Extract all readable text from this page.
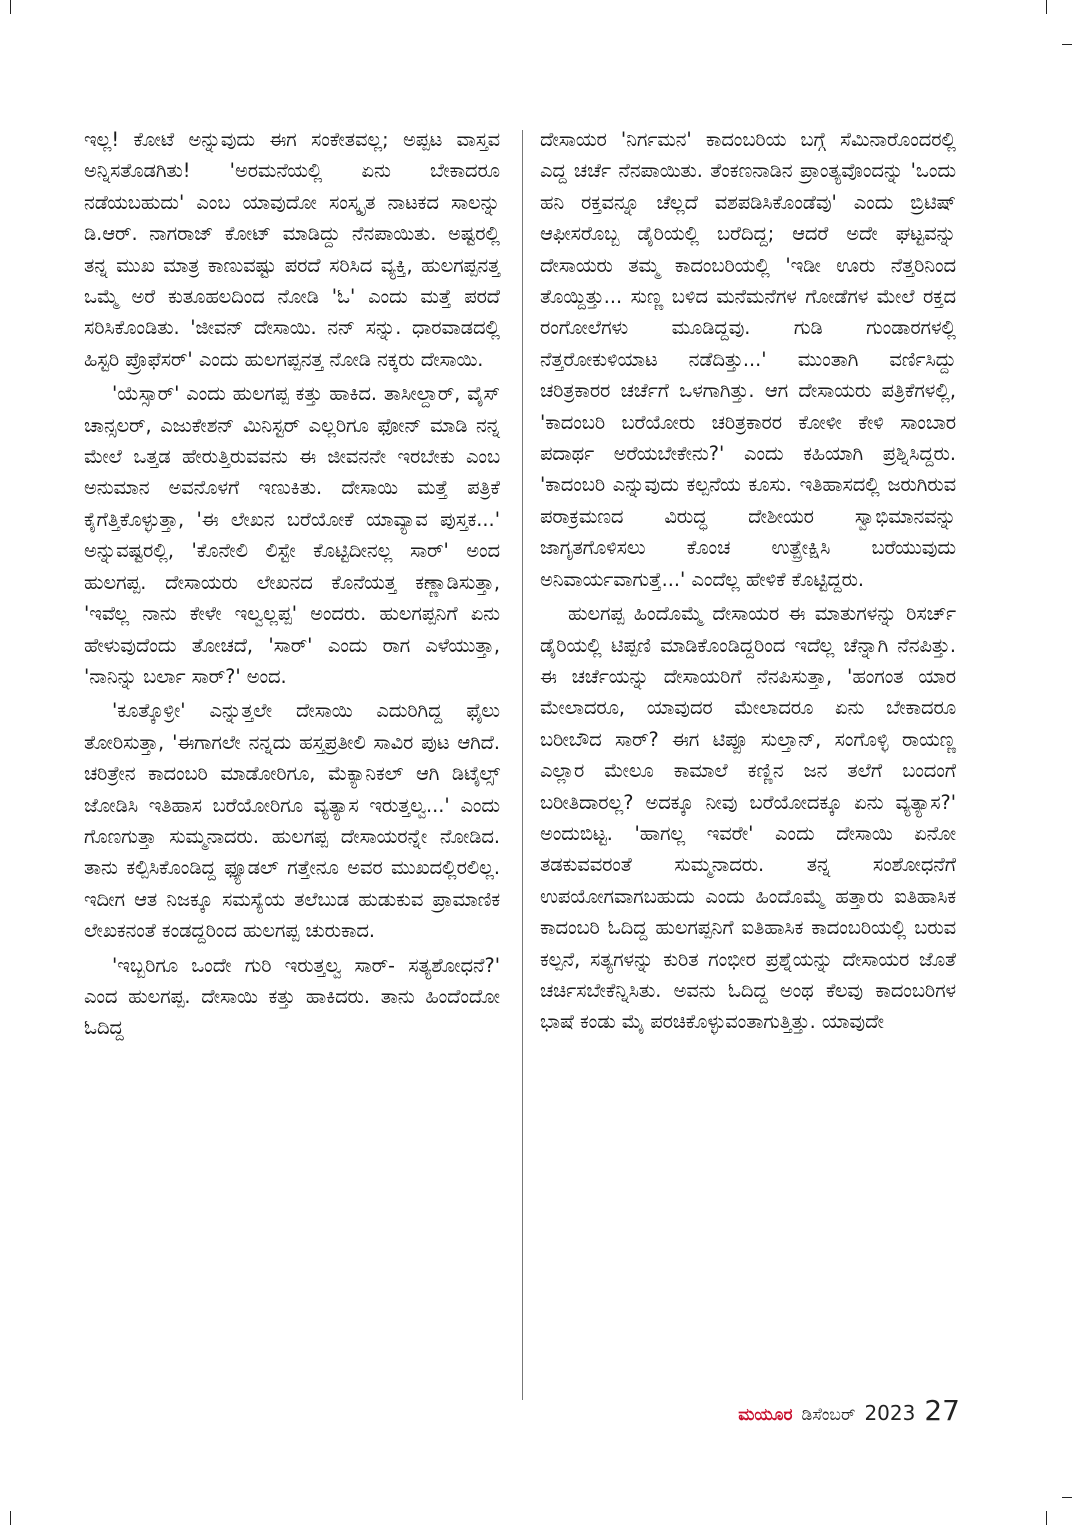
ಇಲ್ಲ! ಕೋಟೆ ಅನ್ನುವುದು ಈಗ ಸಂಕೇತವಲ್ಲ; ಅಪ್ಪಟ ವಾಸ್ತವ ಅನ್ನಿಸತೊಡಗಿತು! 'ಅರಮನೆಯಲ್ಲಿ ಏನು ಬೇಕಾದರೂ ನಡೆಯಬಹುದು' ಎಂಬ ಯಾವುದೋ ಸಂಸ್ಕೃತ ನಾಟಕದ ಸಾಲನ್ನು ಡಿ.ಆರ್. ನಾಗರಾಜ್ ಕೋಟ್ ಮಾಡಿದ್ದು ನೆನಪಾಯಿತು. ಅಷ್ಟರಲ್ಲಿ ತನ್ನ ಮುಖ ಮಾತ್ರ ಕಾಣುವಷ್ಟು ಪರದೆ ಸರಿಸಿದ ವ್ಯಕ್ತಿ, ಹುಲಗಪ್ಪನತ್ತ ಒಮ್ಮೆ ಅರೆ ಕುತೂಹಲದಿಂದ ನೋಡಿ 'ಓ' ಎಂದು ಮತ್ತೆ ಪರದೆ ಸರಿಸಿಕೊಂಡಿತು. 'ಜೀವನ್ ದೇಸಾಯಿ. ನನ್ ಸನ್ನು. ಧಾರವಾಡದಲ್ಲಿ ಹಿಸ್ಟರಿ ಪ್ರೊಫೆಸರ್' ಎಂದು ಹುಲಗಪ್ಪನತ್ತ ನೋಡಿ ನಕ್ಕರು ದೇಸಾಯಿ.

'ಯೆಸ್ಸಾರ್' ಎಂದು ಹುಲಗಪ್ಪ ಕತ್ತು ಹಾಕಿದ. ತಾಸೀಲ್ದಾರ್, ವೈಸ್ ಚಾನ್ಸಲರ್, ಎಜುಕೇಶನ್ ಮಿನಿಸ್ಟರ್ ಎಲ್ಲರಿಗೂ ಫೋನ್ ಮಾಡಿ ನನ್ನ ಮೇಲೆ ಒತ್ತಡ ಹೇರುತ್ತಿರುವವನು ಈ ಜೀವನನೇ ಇರಬೇಕು ಎಂಬ ಅನುಮಾನ ಅವನೊಳಗೆ ಇಣುಕಿತು. ದೇಸಾಯಿ ಮತ್ತೆ ಪತ್ರಿಕೆ ಕೈಗೆತ್ತಿಕೊಳ್ಳುತ್ತಾ, 'ಈ ಲೇಖನ ಬರೆಯೋಕೆ ಯಾವ್ಯಾವ ಪುಸ್ತಕ...' ಅನ್ನುವಷ್ಟರಲ್ಲಿ, 'ಕೊನೇಲಿ ಲಿಸ್ಟೇ ಕೊಟ್ಟಿದೀನಲ್ಲ ಸಾರ್' ಅಂದ ಹುಲಗಪ್ಪ. ದೇಸಾಯರು ಲೇಖನದ ಕೊನೆಯತ್ತ ಕಣ್ಣಾಡಿಸುತ್ತಾ, 'ಇವೆಲ್ಲ ನಾನು ಕೇಳೇ ಇಲ್ವಲ್ಲಪ್ಪ' ಅಂದರು. ಹುಲಗಪ್ಪನಿಗೆ ಏನು ಹೇಳುವುದೆಂದು ತೋಚದೆ, 'ಸಾರ್' ಎಂದು ರಾಗ ಎಳೆಯುತ್ತಾ, 'ನಾನಿನ್ನು ಬರ್ಲಾ ಸಾರ್?' ಅಂದ.

'ಕೂತ್ಕೊಳ್ರೀ' ಎನ್ನುತ್ತಲೇ ದೇಸಾಯಿ ಎದುರಿಗಿದ್ದ ಫೈಲು ತೋರಿಸುತ್ತಾ, 'ಈಗಾಗಲೇ ನನ್ನದು ಹಸ್ತಪ್ರತೀಲಿ ಸಾವಿರ ಪುಟ ಆಗಿದೆ. ಚರಿತ್ರೇನ ಕಾದಂಬರಿ ಮಾಡೋರಿಗೂ, ಮೆಕ್ಯಾನಿಕಲ್ ಆಗಿ ಡಿಟೈಲ್ಸ್ ಜೋಡಿಸಿ ಇತಿಹಾಸ ಬರೆಯೋರಿಗೂ ವ್ಯತ್ಯಾಸ ಇರುತ್ತಲ್ವ...' ಎಂದು ಗೊಣಗುತ್ತಾ ಸುಮ್ಮನಾದರು. ಹುಲಗಪ್ಪ ದೇಸಾಯರನ್ನೇ ನೋಡಿದ. ತಾನು ಕಲ್ಪಿಸಿಕೊಂಡಿದ್ದ ಫ್ಯೂಡಲ್ ಗತ್ತೇನೂ ಅವರ ಮುಖದಲ್ಲಿರಲಿಲ್ಲ. ಇದೀಗ ಆತ ನಿಜಕ್ಕೂ ಸಮಸ್ಯೆಯ ತಲೆಬುಡ ಹುಡುಕುವ ಪ್ರಾಮಾಣಿಕ ಲೇಖಕನಂತೆ ಕಂಡದ್ದರಿಂದ ಹುಲಗಪ್ಪ ಚುರುಕಾದ.

'ಇಬ್ಬರಿಗೂ ಒಂದೇ ಗುರಿ ಇರುತ್ತಲ್ವ ಸಾರ್- ಸತ್ಯಶೋಧನೆ?' ಎಂದ ಹುಲಗಪ್ಪ. ದೇಸಾಯಿ ಕತ್ತು ಹಾಕಿದರು. ತಾನು ಹಿಂದೆಂದೋ ಓದಿದ್ದ

ದೇಸಾಯರ 'ನಿರ್ಗಮನ' ಕಾದಂಬರಿಯ ಬಗ್ಗೆ ಸೆಮಿನಾರೊಂದರಲ್ಲಿ ಎದ್ದ ಚರ್ಚೆ ನೆನಪಾಯಿತು. ತೆಂಕಣನಾಡಿನ ಪ್ರಾಂತ್ಯವೊಂದನ್ನು 'ಒಂದು ಹನಿ ರಕ್ತವನ್ನೂ ಚೆಲ್ಲದೆ ವಶಪಡಿಸಿಕೊಂಡೆವು' ಎಂದು ಬ್ರಿಟಿಷ್ ಆಫೀಸರೊಬ್ಬ ಡೈರಿಯಲ್ಲಿ ಬರೆದಿದ್ದ; ಆದರೆ ಅದೇ ಘಟ್ಟವನ್ನು ದೇಸಾಯರು ತಮ್ಮ ಕಾದಂಬರಿಯಲ್ಲಿ 'ಇಡೀ ಊರು ನೆತ್ತರಿನಿಂದ ತೊಯ್ದಿತ್ತು... ಸುಣ್ಣ ಬಳಿದ ಮನೆಮನೆಗಳ ಗೋಡೆಗಳ ಮೇಲೆ ರಕ್ತದ ರಂಗೋಲೆಗಳು ಮೂಡಿದ್ದವು. ಗುಡಿ ಗುಂಡಾರಗಳಲ್ಲಿ ನೆತ್ತರೋಕುಳಿಯಾಟ ನಡೆದಿತ್ತು...' ಮುಂತಾಗಿ ವರ್ಣಿಸಿದ್ದು ಚರಿತ್ರಕಾರರ ಚರ್ಚೆಗೆ ಒಳಗಾಗಿತ್ತು. ಆಗ ದೇಸಾಯರು ಪತ್ರಿಕೆಗಳಲ್ಲಿ, 'ಕಾದಂಬರಿ ಬರೆಯೋರು ಚರಿತ್ರಕಾರರ ಕೋಳೀ ಕೇಳಿ ಸಾಂಬಾರ ಪದಾರ್ಥ ಅರೆಯಬೇಕೇನು?' ಎಂದು ಕಹಿಯಾಗಿ ಪ್ರಶ್ನಿಸಿದ್ದರು. 'ಕಾದಂಬರಿ ಎನ್ನುವುದು ಕಲ್ಪನೆಯ ಕೂಸು. ಇತಿಹಾಸದಲ್ಲಿ ಜರುಗಿರುವ ಪರಾಕ್ರಮಣದ ವಿರುದ್ಧ ದೇಶೀಯರ ಸ್ವಾಭಿಮಾನವನ್ನು ಜಾಗೃತಗೊಳಿಸಲು ಕೊಂಚ ಉತ್ಪ್ರೇಕ್ಷಿಸಿ ಬರೆಯುವುದು ಅನಿವಾರ್ಯವಾಗುತ್ತೆ...' ಎಂದೆಲ್ಲ ಹೇಳಿಕೆ ಕೊಟ್ಟಿದ್ದರು.

ಹುಲಗಪ್ಪ ಹಿಂದೊಮ್ಮೆ ದೇಸಾಯರ ಈ ಮಾತುಗಳನ್ನು ರಿಸರ್ಚ್ ಡೈರಿಯಲ್ಲಿ ಟಿಪ್ಪಣಿ ಮಾಡಿಕೊಂಡಿದ್ದರಿಂದ ಇದೆಲ್ಲ ಚೆನ್ನಾಗಿ ನೆನಪಿತ್ತು. ಈ ಚರ್ಚೆಯನ್ನು ದೇಸಾಯರಿಗೆ ನೆನಪಿಸುತ್ತಾ, 'ಹಂಗಂತ ಯಾರ ಮೇಲಾದರೂ, ಯಾವುದರ ಮೇಲಾದರೂ ಏನು ಬೇಕಾದರೂ ಬರೀಬೌದ ಸಾರ್? ಈಗ ಟಿಪ್ಪೂ ಸುಲ್ತಾನ್, ಸಂಗೊಳ್ಳಿ ರಾಯಣ್ಣ ಎಲ್ಲಾರ ಮೇಲೂ ಕಾಮಾಲೆ ಕಣ್ಣಿನ ಜನ ತಲೆಗೆ ಬಂದಂಗೆ ಬರೀತಿದಾರಲ್ಲ? ಅದಕ್ಕೂ ನೀವು ಬರೆಯೋದಕ್ಕೂ ಏನು ವ್ಯತ್ಯಾಸ?' ಅಂದುಬಿಟ್ಟ. 'ಹಾಗಲ್ಲ ಇವರೇ' ಎಂದು ದೇಸಾಯಿ ಏನೋ ತಡಕುವವರಂತೆ ಸುಮ್ಮನಾದರು. ತನ್ನ ಸಂಶೋಧನೆಗೆ ಉಪಯೋಗವಾಗಬಹುದು ಎಂದು ಹಿಂದೊಮ್ಮೆ ಹತ್ತಾರು ಐತಿಹಾಸಿಕ ಕಾದಂಬರಿ ಓದಿದ್ದ ಹುಲಗಪ್ಪನಿಗೆ ಐತಿಹಾಸಿಕ ಕಾದಂಬರಿಯಲ್ಲಿ ಬರುವ ಕಲ್ಪನೆ, ಸತ್ಯಗಳನ್ನು ಕುರಿತ ಗಂಭೀರ ಪ್ರಶ್ನೆಯನ್ನು ದೇಸಾಯರ ಜೊತೆ ಚರ್ಚಿಸಬೇಕೆನ್ನಿಸಿತು. ಅವನು ಓದಿದ್ದ ಅಂಥ ಕೆಲವು ಕಾದಂಬರಿಗಳ ಭಾಷೆ ಕಂಡು ಮೈ ಪರಚಿಕೊಳ್ಳುವಂತಾಗುತ್ತಿತ್ತು. ಯಾವುದೇ

ಮಯೂರ ಡಿಸೆಂಬರ್ 2023 27
